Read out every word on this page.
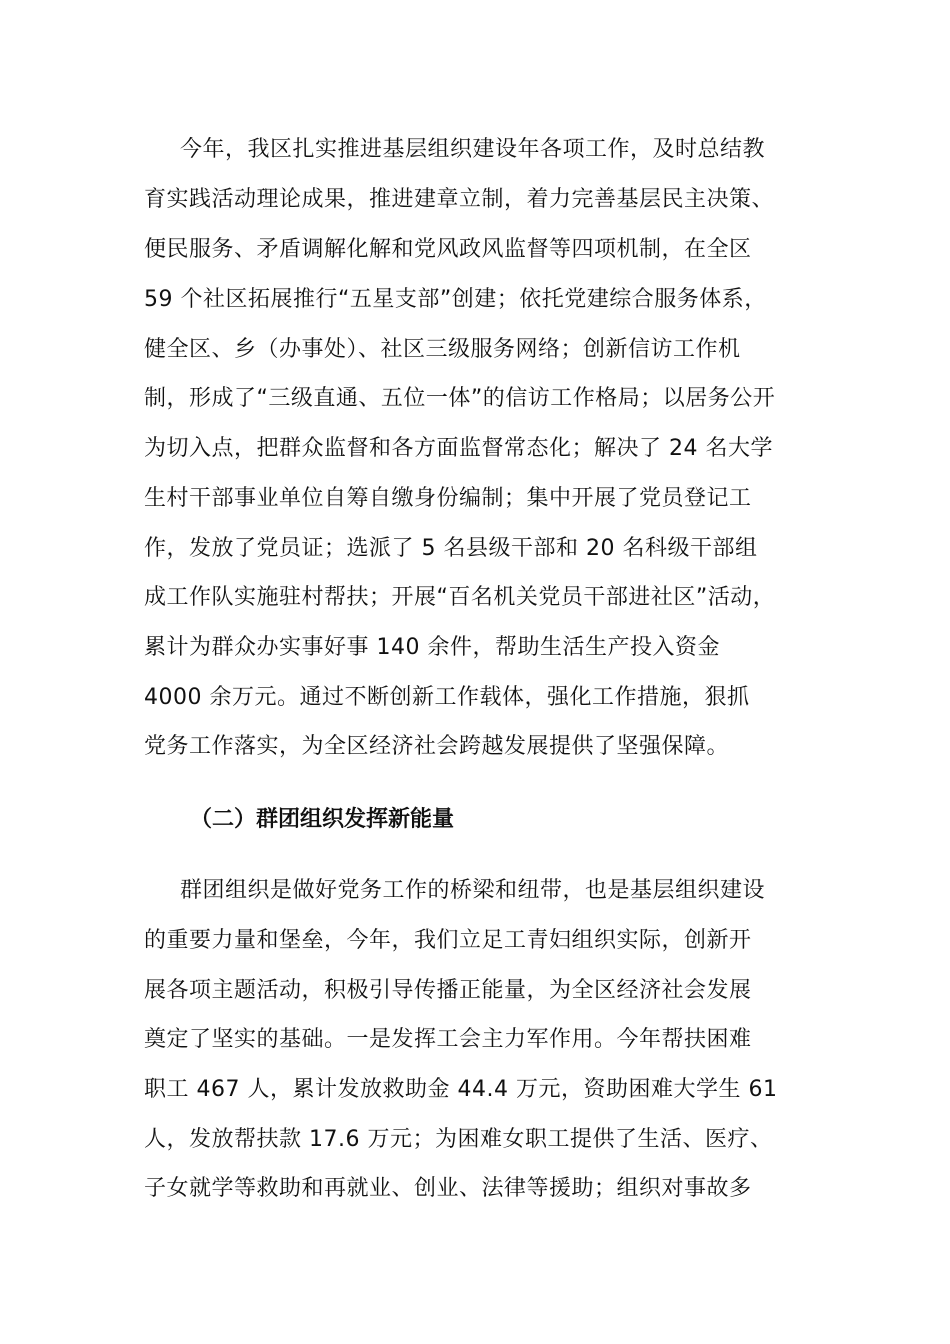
今年，我区扎实推进基层组织建设年各项工作，及时总结教
育实践活动理论成果，推进建章立制，着力完善基层民主决策、
便民服务、矛盾调解化解和党风政风监督等四项机制，在全区
59 个社区拓展推行“五星支部”创建；依托党建综合服务体系，
健全区、乡（办事处）、社区三级服务网络；创新信访工作机
制，形成了“三级直通、五位一体”的信访工作格局；以居务公开
为切入点，把群众监督和各方面监督常态化；解决了 24 名大学
生村干部事业单位自筹自缴身份编制；集中开展了党员登记工
作，发放了党员证；选派了 5 名县级干部和 20 名科级干部组
成工作队实施驻村帮扶；开展“百名机关党员干部进社区”活动，
累计为群众办实事好事 140 余件，帮助生活生产投入资金
4000 余万元。通过不断创新工作载体，强化工作措施，狠抓
党务工作落实，为全区经济社会跨越发展提供了坚强保障。
（二）群团组织发挥新能量
群团组织是做好党务工作的桥梁和纽带，也是基层组织建设
的重要力量和堡垒，今年，我们立足工青妇组织实际，创新开
展各项主题活动，积极引导传播正能量，为全区经济社会发展
奠定了坚实的基础。一是发挥工会主力军作用。今年帮扶困难
职工 467 人，累计发放救助金 44.4 万元，资助困难大学生 61
人，发放帮扶款 17.6 万元；为困难女职工提供了生活、医疗、
子女就学等救助和再就业、创业、法律等援助；组织对事故多
